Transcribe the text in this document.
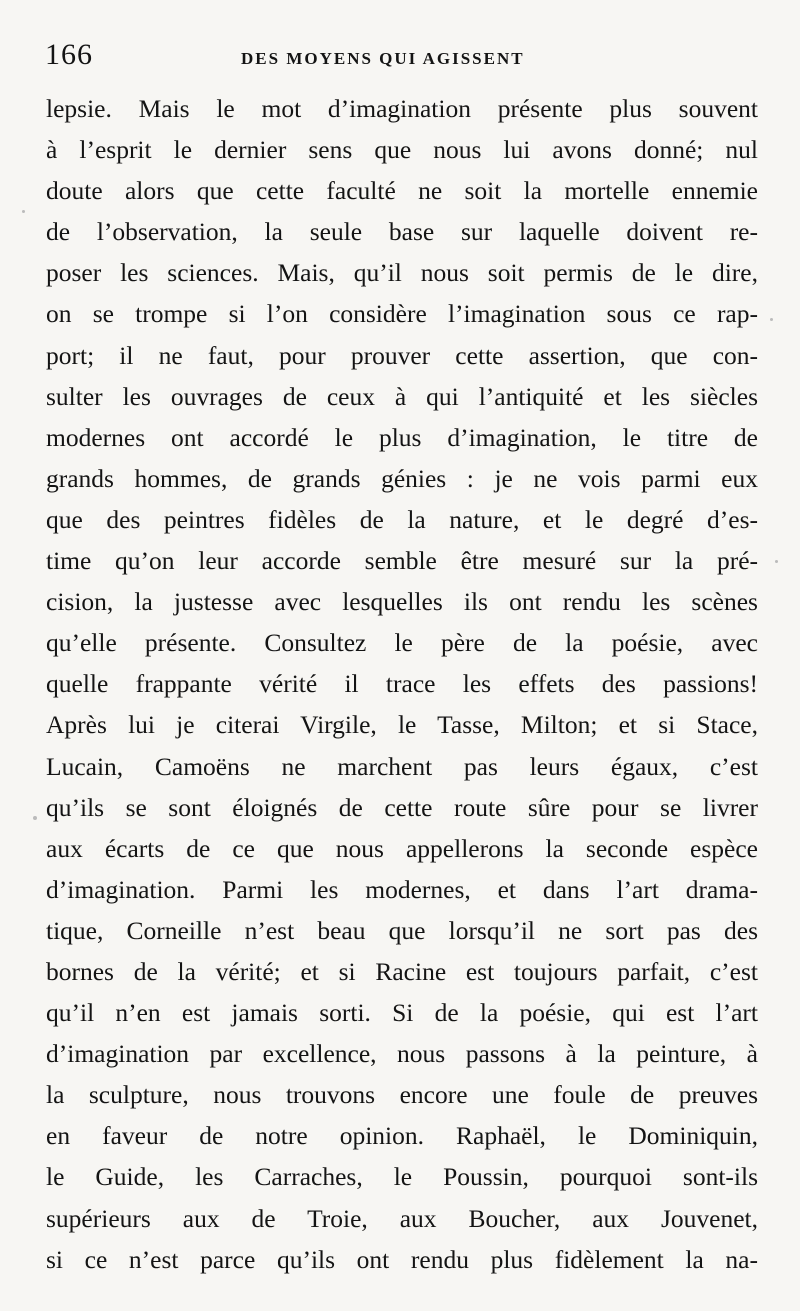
166	DES MOYENS QUI AGISSENT
lepsie. Mais le mot d’imagination présente plus souvent
à l’esprit le dernier sens que nous lui avons donné; nul
doute alors que cette faculté ne soit la mortelle ennemie
de l’observation, la seule base sur laquelle doivent re-
poser les sciences. Mais, qu’il nous soit permis de le dire,
on se trompe si l’on considère l’imagination sous ce rap-
port; il ne faut, pour prouver cette assertion, que con-
sulter les ouvrages de ceux à qui l’antiquité et les siècles
modernes ont accordé le plus d’imagination, le titre de
grands hommes, de grands génies : je ne vois parmi eux
que des peintres fidèles de la nature, et le degré d’es-
time qu’on leur accorde semble être mesuré sur la pré-
cision, la justesse avec lesquelles ils ont rendu les scènes
qu’elle présente. Consultez le père de la poésie, avec
quelle frappante vérité il trace les effets des passions!
Après lui je citerai Virgile, le Tasse, Milton; et si Stace,
Lucain, Camoëns ne marchent pas leurs égaux, c’est
qu’ils se sont éloignés de cette route sûre pour se livrer
aux écarts de ce que nous appellerons la seconde espèce
d’imagination. Parmi les modernes, et dans l’art drama-
tique, Corneille n’est beau que lorsqu’il ne sort pas des
bornes de la vérité; et si Racine est toujours parfait, c’est
qu’il n’en est jamais sorti. Si de la poésie, qui est l’art
d’imagination par excellence, nous passons à la peinture, à
la sculpture, nous trouvons encore une foule de preuves
en faveur de notre opinion. Raphaël, le Dominiquin,
le Guide, les Carraches, le Poussin, pourquoi sont-ils
supérieurs aux de Troie, aux Boucher, aux Jouvenet,
si ce n’est parce qu’ils ont rendu plus fidèlement la na-
